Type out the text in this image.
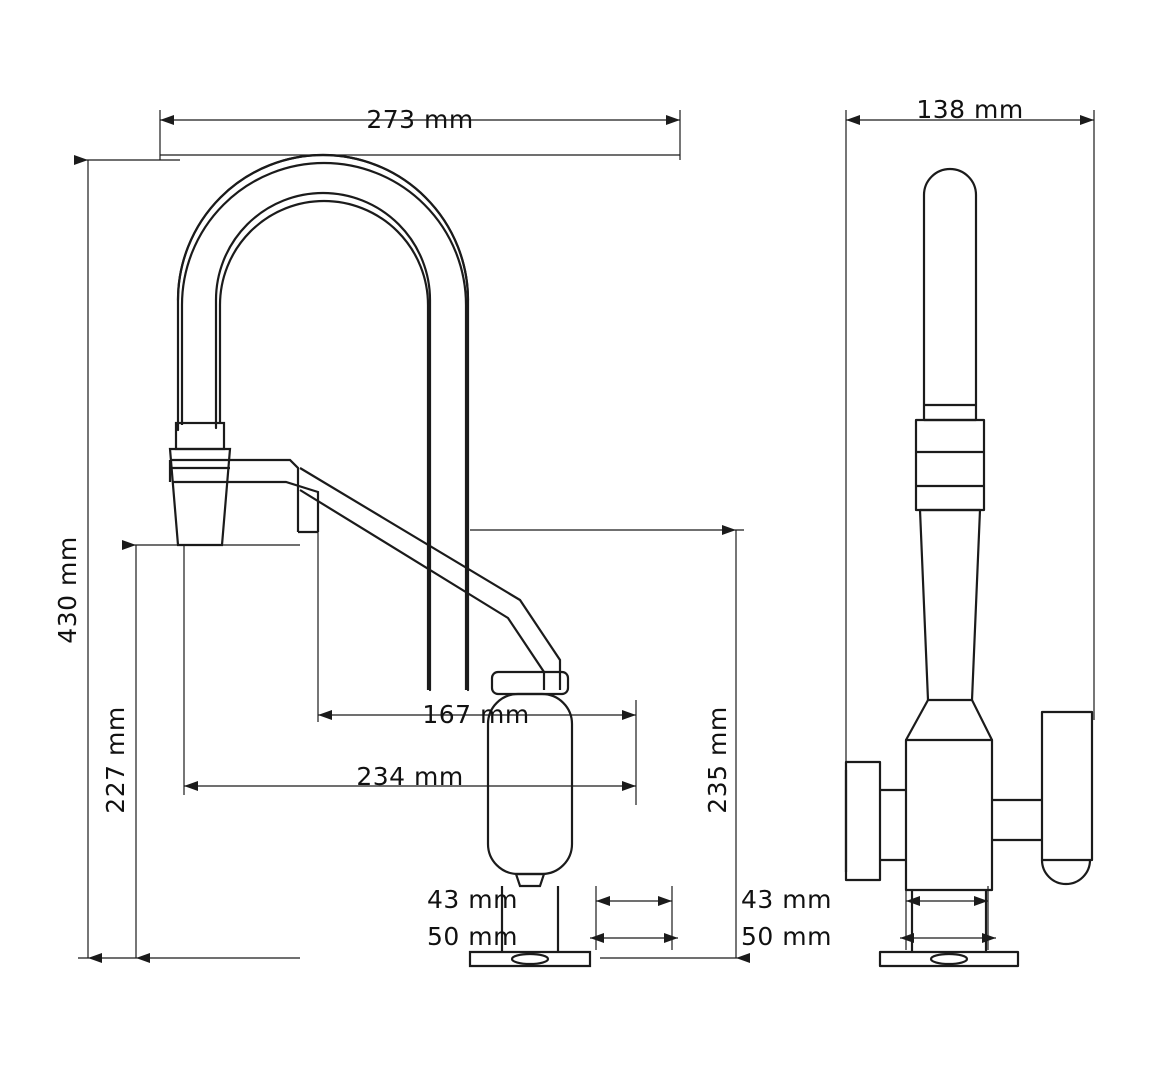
273 mm
430 mm
227 mm	235 mm
167 mm
234 mm
43 mm
50 mm
138 mm
43 mm
50 mm
